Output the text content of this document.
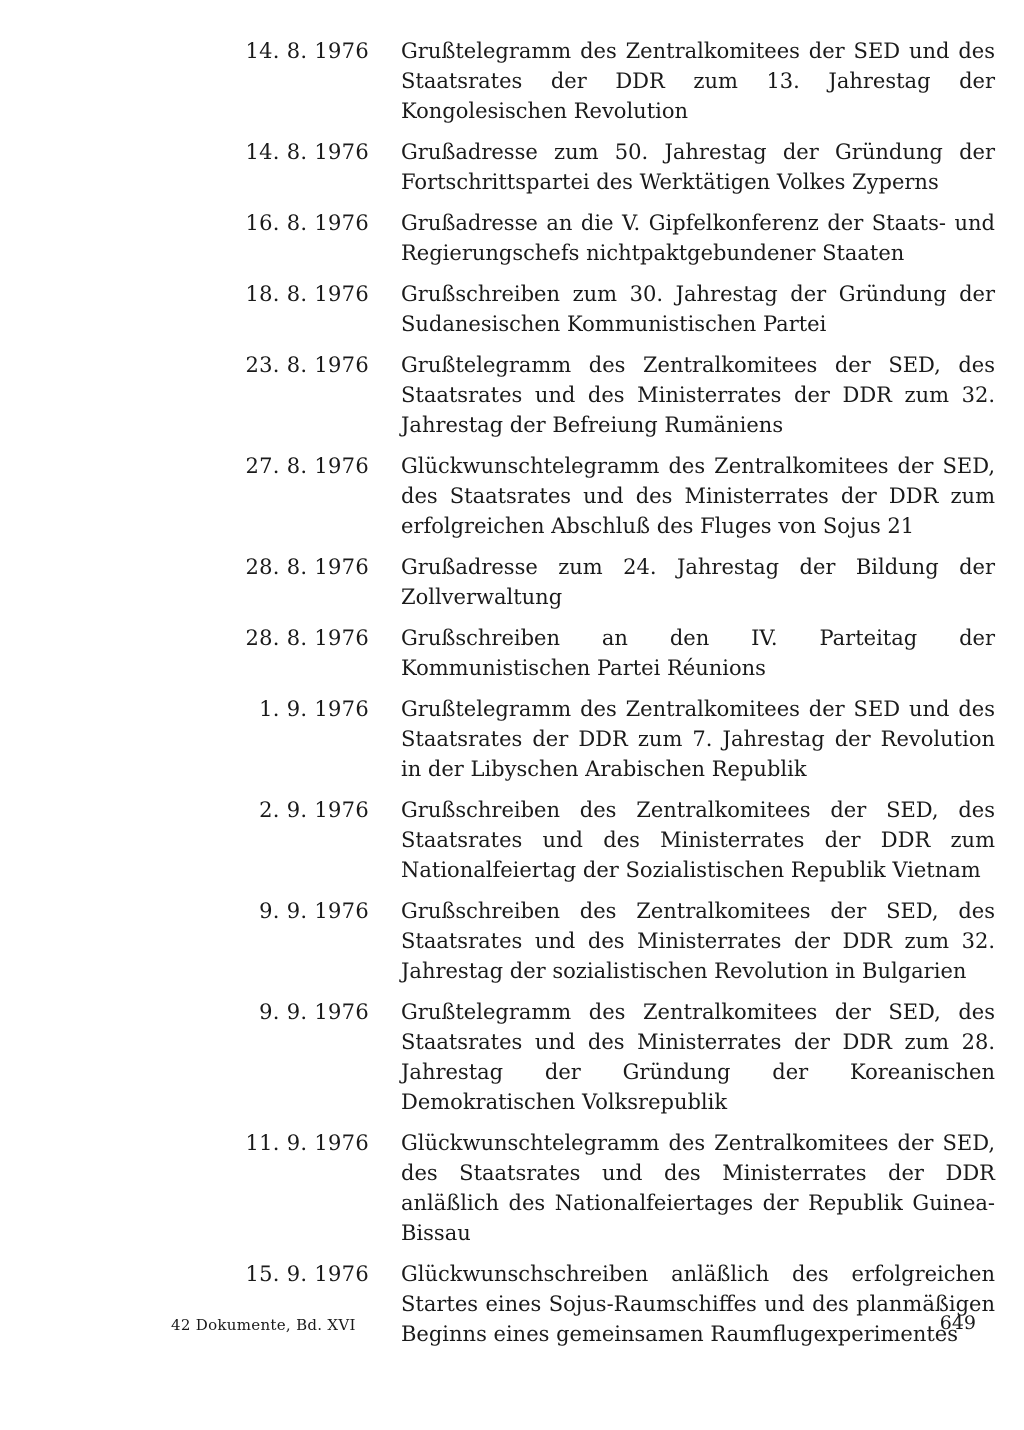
14. 8. 1976 Grußtelegramm des Zentralkomitees der SED und des Staatsrates der DDR zum 13. Jahrestag der Kongolesischen Revolution
14. 8. 1976 Grußadresse zum 50. Jahrestag der Gründung der Fortschrittspartei des Werktätigen Volkes Zyperns
16. 8. 1976 Grußadresse an die V. Gipfelkonferenz der Staats- und Regierungschefs nichtpaktgebundener Staaten
18. 8. 1976 Grußschreiben zum 30. Jahrestag der Gründung der Sudanesischen Kommunistischen Partei
23. 8. 1976 Grußtelegramm des Zentralkomitees der SED, des Staatsrates und des Ministerrates der DDR zum 32. Jahrestag der Befreiung Rumäniens
27. 8. 1976 Glückwunschtelegramm des Zentralkomitees der SED, des Staatsrates und des Ministerrates der DDR zum erfolgreichen Abschluß des Fluges von Sojus 21
28. 8. 1976 Grußadresse zum 24. Jahrestag der Bildung der Zollverwaltung
28. 8. 1976 Grußschreiben an den IV. Parteitag der Kommunistischen Partei Réunions
1. 9. 1976 Grußtelegramm des Zentralkomitees der SED und des Staatsrates der DDR zum 7. Jahrestag der Revolution in der Libyschen Arabischen Republik
2. 9. 1976 Grußschreiben des Zentralkomitees der SED, des Staatsrates und des Ministerrates der DDR zum Nationalfeiertag der Sozialistischen Republik Vietnam
9. 9. 1976 Grußschreiben des Zentralkomitees der SED, des Staatsrates und des Ministerrates der DDR zum 32. Jahrestag der sozialistischen Revolution in Bulgarien
9. 9. 1976 Grußtelegramm des Zentralkomitees der SED, des Staatsrates und des Ministerrates der DDR zum 28. Jahrestag der Gründung der Koreanischen Demokratischen Volksrepublik
11. 9. 1976 Glückwunschtelegramm des Zentralkomitees der SED, des Staatsrates und des Ministerrates der DDR anläßlich des Nationalfeiertages der Republik Guinea-Bissau
15. 9. 1976 Glückwunschschreiben anläßlich des erfolgreichen Startes eines Sojus-Raumschiffes und des planmäßigen Beginns eines gemeinsamen Raumflugexperimentes
42 Dokumente, Bd. XVI	649
